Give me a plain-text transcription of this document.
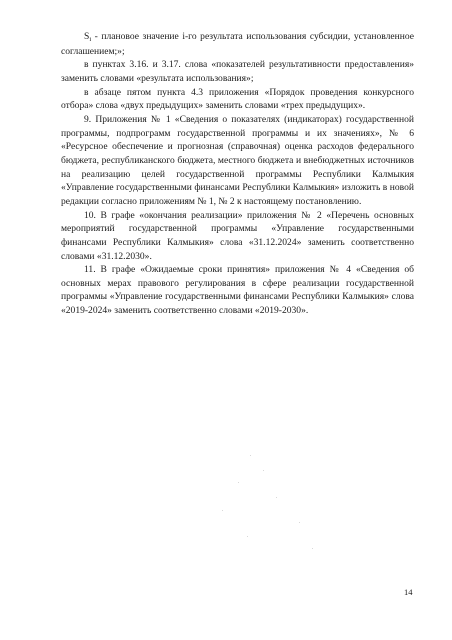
$S_i$ - плановое значение i-го результата использования субсидии, установленное соглашением;»;

в пунктах 3.16. и 3.17. слова «показателей результативности предоставления» заменить словами «результата использования»;

в абзаце пятом пункта 4.3 приложения «Порядок проведения конкурсного отбора» слова «двух предыдущих» заменить словами «трех предыдущих».

9. Приложения № 1 «Сведения о показателях (индикаторах) государственной программы, подпрограмм государственной программы и их значениях», № 6 «Ресурсное обеспечение и прогнозная (справочная) оценка расходов федерального бюджета, республиканского бюджета, местного бюджета и внебюджетных источников на реализацию целей государственной программы Республики Калмыкия «Управление государственными финансами Республики Калмыкия» изложить в новой редакции согласно приложениям № 1, № 2 к настоящему постановлению.

10. В графе «окончания реализации» приложения № 2 «Перечень основных мероприятий государственной программы «Управление государственными финансами Республики Калмыкия» слова «31.12.2024» заменить соответственно словами «31.12.2030».

11. В графе «Ожидаемые сроки принятия» приложения № 4 «Сведения об основных мерах правового регулирования в сфере реализации государственной программы «Управление государственными финансами Республики Калмыкия» слова «2019-2024» заменить соответственно словами «2019-2030».

14
